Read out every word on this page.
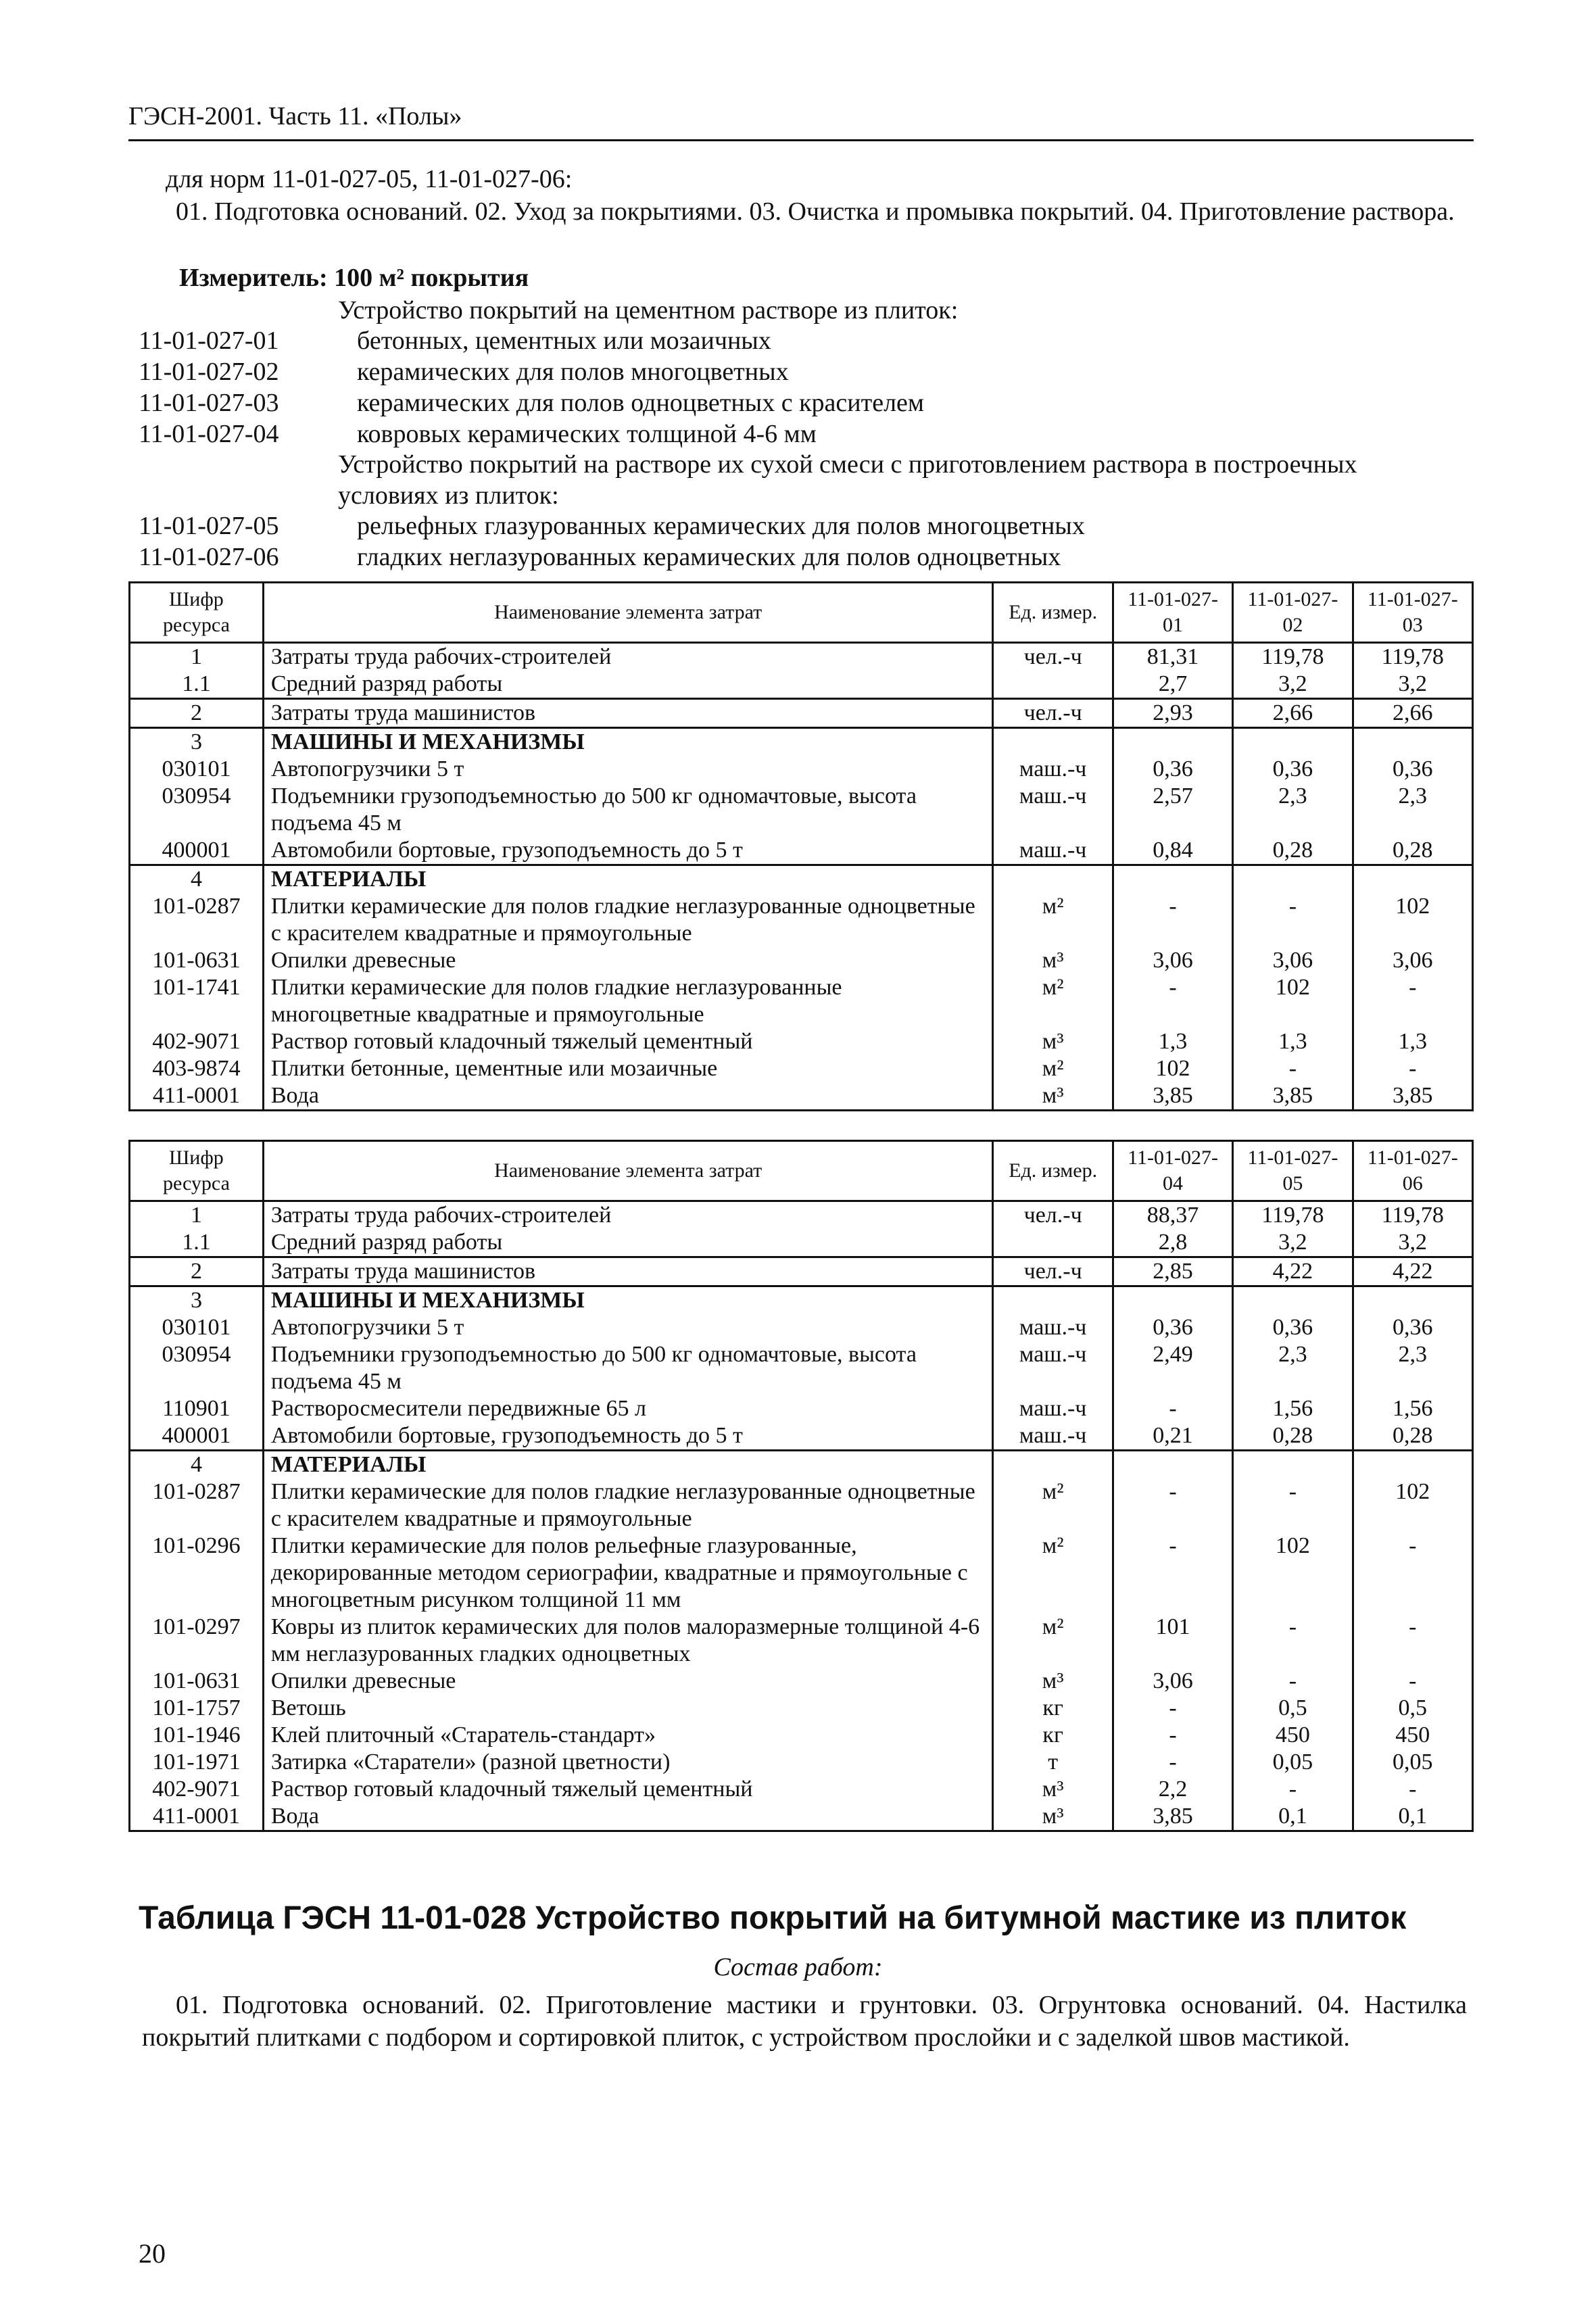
ГЭСН-2001. Часть 11. «Полы»
для норм 11-01-027-05, 11-01-027-06:
01. Подготовка оснований. 02. Уход за покрытиями. 03. Очистка и промывка покрытий. 04. Приготовление раствора.
Измеритель: 100 м² покрытия
Устройство покрытий на цементном растворе из плиток:
11-01-027-01	бетонных, цементных или мозаичных
11-01-027-02	керамических для полов многоцветных
11-01-027-03	керамических для полов одноцветных с красителем
11-01-027-04	ковровых керамических толщиной 4-6 мм
Устройство покрытий на растворе их сухой смеси с приготовлением раствора в построечных
условиях из плиток:
11-01-027-05	рельефных глазурованных керамических для полов многоцветных
11-01-027-06	гладких неглазурованных керамических для полов одноцветных
Шифр ресурса	Наименование элемента затрат	Ед. измер.	11-01-027-01	11-01-027-02	11-01-027-03
1	Затраты труда рабочих-строителей	чел.-ч	81,31	119,78	119,78
1.1	Средний разряд работы		2,7	3,2	3,2
2	Затраты труда машинистов	чел.-ч	2,93	2,66	2,66
3	МАШИНЫ И МЕХАНИЗМЫ				
030101	Автопогрузчики 5 т	маш.-ч	0,36	0,36	0,36
030954	Подъемники грузоподъемностью до 500 кг одномачтовые, высота подъема 45 м	маш.-ч	2,57	2,3	2,3
400001	Автомобили бортовые, грузоподъемность до 5 т	маш.-ч	0,84	0,28	0,28
4	МАТЕРИАЛЫ				
101-0287	Плитки керамические для полов гладкие неглазурованные одноцветные с красителем квадратные и прямоугольные	м²	-	-	102
101-0631	Опилки древесные	м³	3,06	3,06	3,06
101-1741	Плитки керамические для полов гладкие неглазурованные многоцветные квадратные и прямоугольные	м²	-	102	-
402-9071	Раствор готовый кладочный тяжелый цементный	м³	1,3	1,3	1,3
403-9874	Плитки бетонные, цементные или мозаичные	м²	102	-	-
411-0001	Вода	м³	3,85	3,85	3,85
Шифр ресурса	Наименование элемента затрат	Ед. измер.	11-01-027-04	11-01-027-05	11-01-027-06
1	Затраты труда рабочих-строителей	чел.-ч	88,37	119,78	119,78
1.1	Средний разряд работы		2,8	3,2	3,2
2	Затраты труда машинистов	чел.-ч	2,85	4,22	4,22
3	МАШИНЫ И МЕХАНИЗМЫ				
030101	Автопогрузчики 5 т	маш.-ч	0,36	0,36	0,36
030954	Подъемники грузоподъемностью до 500 кг одномачтовые, высота подъема 45 м	маш.-ч	2,49	2,3	2,3
110901	Растворосмесители передвижные 65 л	маш.-ч	-	1,56	1,56
400001	Автомобили бортовые, грузоподъемность до 5 т	маш.-ч	0,21	0,28	0,28
4	МАТЕРИАЛЫ				
101-0287	Плитки керамические для полов гладкие неглазурованные одноцветные с красителем квадратные и прямоугольные	м²	-	-	102
101-0296	Плитки керамические для полов рельефные глазурованные, декорированные методом сериографии, квадратные и прямоугольные с многоцветным рисунком толщиной 11 мм	м²	-	102	-
101-0297	Ковры из плиток керамических для полов малоразмерные толщиной 4-6 мм неглазурованных гладких одноцветных	м²	101	-	-
101-0631	Опилки древесные	м³	3,06	-	-
101-1757	Ветошь	кг	-	0,5	0,5
101-1946	Клей плиточный «Старатель-стандарт»	кг	-	450	450
101-1971	Затирка «Старатели» (разной цветности)	т	-	0,05	0,05
402-9071	Раствор готовый кладочный тяжелый цементный	м³	2,2	-	-
411-0001	Вода	м³	3,85	0,1	0,1
Таблица ГЭСН 11-01-028 Устройство покрытий на битумной мастике из плиток
Состав работ:
01. Подготовка оснований. 02. Приготовление мастики и грунтовки. 03. Огрунтовка оснований. 04. Настилка покрытий плитками с подбором и сортировкой плиток, с устройством прослойки и с заделкой швов мастикой.
20
